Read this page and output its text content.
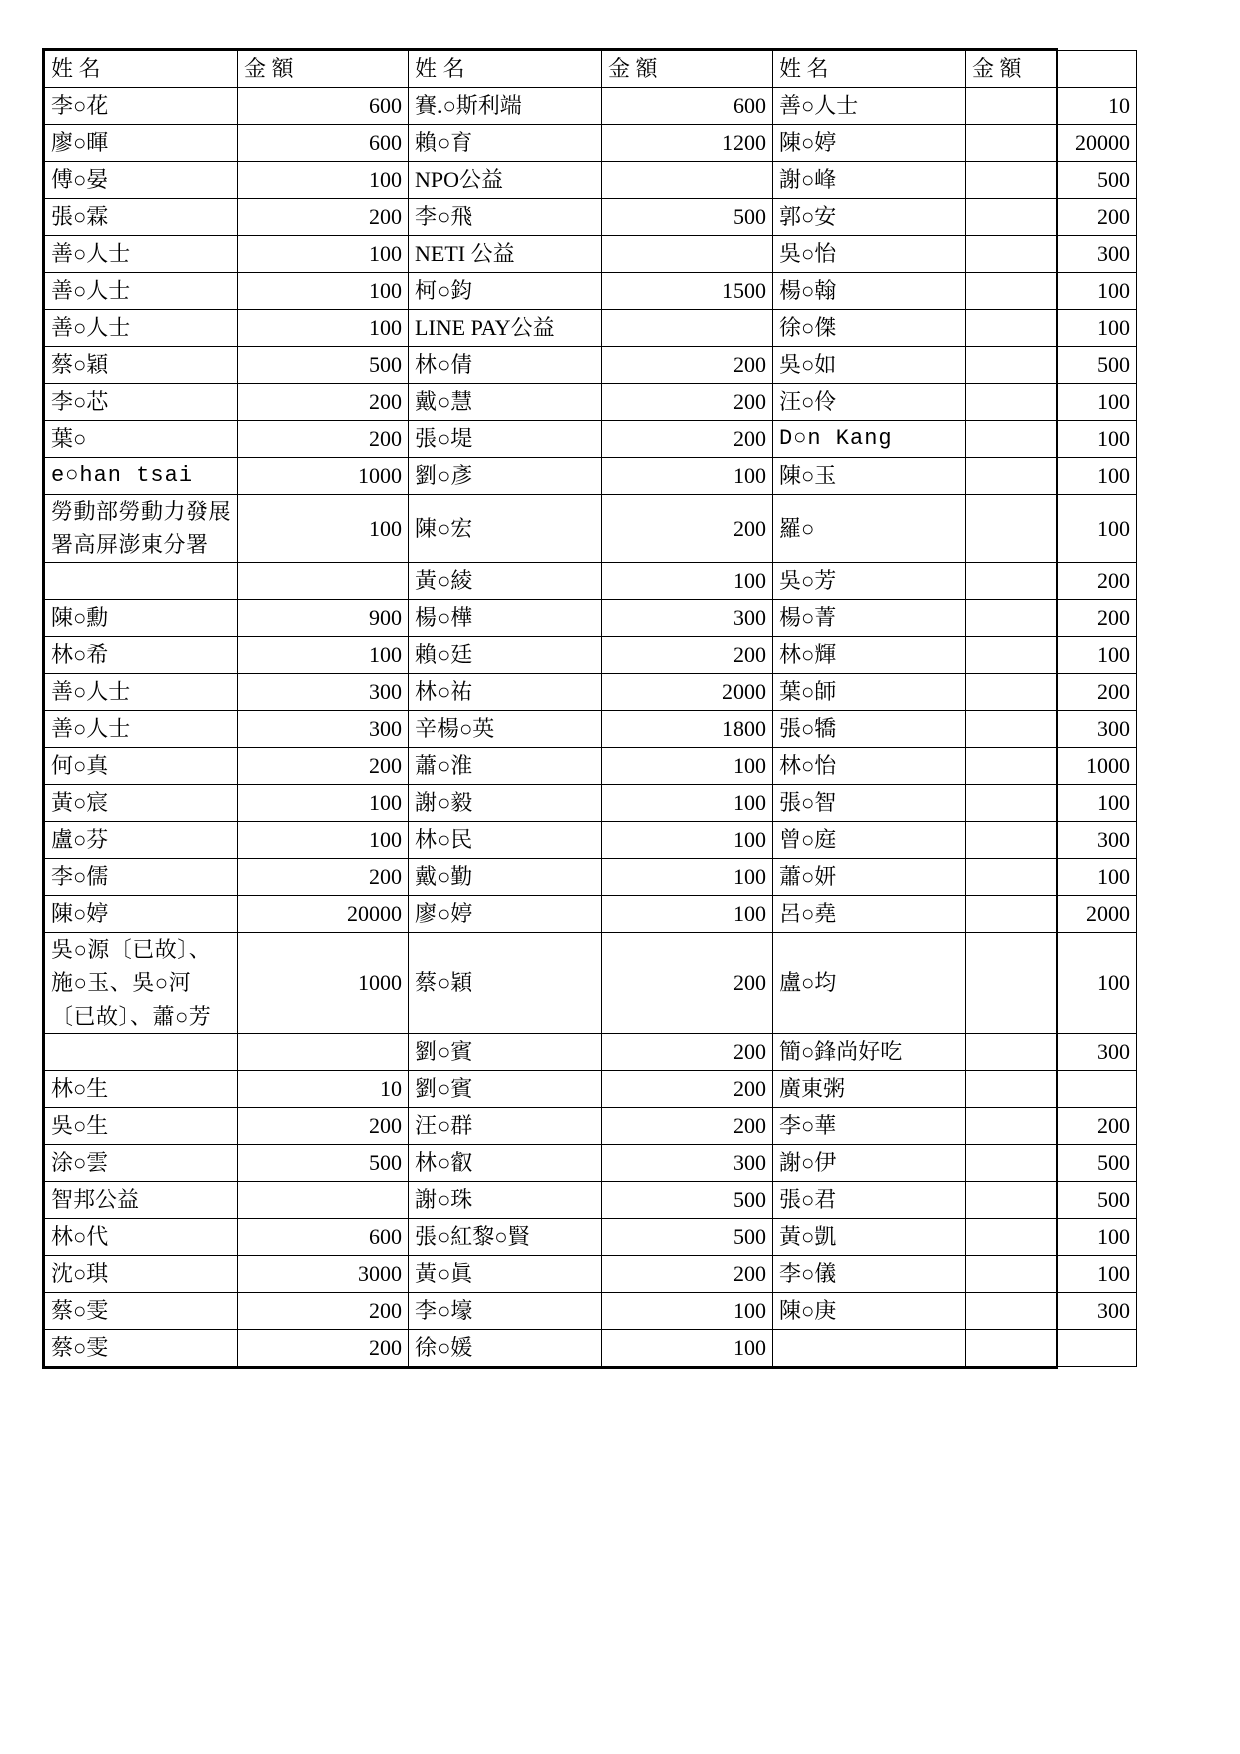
姓 名	金 額	姓 名	金 額	姓 名	金 額
李○花	600	賽.○斯利端	600	善○人士	10
廖○暉	600	賴○育	1200	陳○婷	20000
傅○晏	100	NPO公益		謝○峰	500
張○霖	200	李○飛	500	郭○安	200
善○人士	100	NETI 公益		吳○怡	300
善○人士	100	柯○鈞	1500	楊○翰	100
善○人士	100	LINE PAY公益		徐○傑	100
蔡○穎	500	林○倩	200	吳○如	500
李○芯	200	戴○慧	200	汪○伶	100
葉○	200	張○堤	200	D○n Kang	100
e○han tsai	1000	劉○彥	100	陳○玉	100
勞動部勞動力發展署高屏澎東分署	100	陳○宏	200	羅○	100
		黃○綾	100	吳○芳	200
陳○勳	900	楊○樺	300	楊○菁	200
林○希	100	賴○廷	200	林○輝	100
善○人士	300	林○祐	2000	葉○師	200
善○人士	300	辛楊○英	1800	張○犞	300
何○真	200	蕭○淮	100	林○怡	1000
黃○宸	100	謝○毅	100	張○智	100
盧○芬	100	林○民	100	曾○庭	300
李○儒	200	戴○勤	100	蕭○妍	100
陳○婷	20000	廖○婷	100	呂○堯	2000
吳○源〔已故〕、施○玉、吳○河〔已故〕、蕭○芳	1000	蔡○穎	200	盧○均	100
		劉○賓	200	簡○鋒尚好吃	300
林○生	10	劉○賓	200	廣東粥	
吳○生	200	汪○群	200	李○華	200
涂○雲	500	林○叡	300	謝○伊	500
智邦公益		謝○珠	500	張○君	500
林○代	600	張○紅黎○賢	500	黃○凱	100
沈○琪	3000	黃○眞	200	李○儀	100
蔡○雯	200	李○壕	100	陳○庚	300
蔡○雯	200	徐○媛	100		
